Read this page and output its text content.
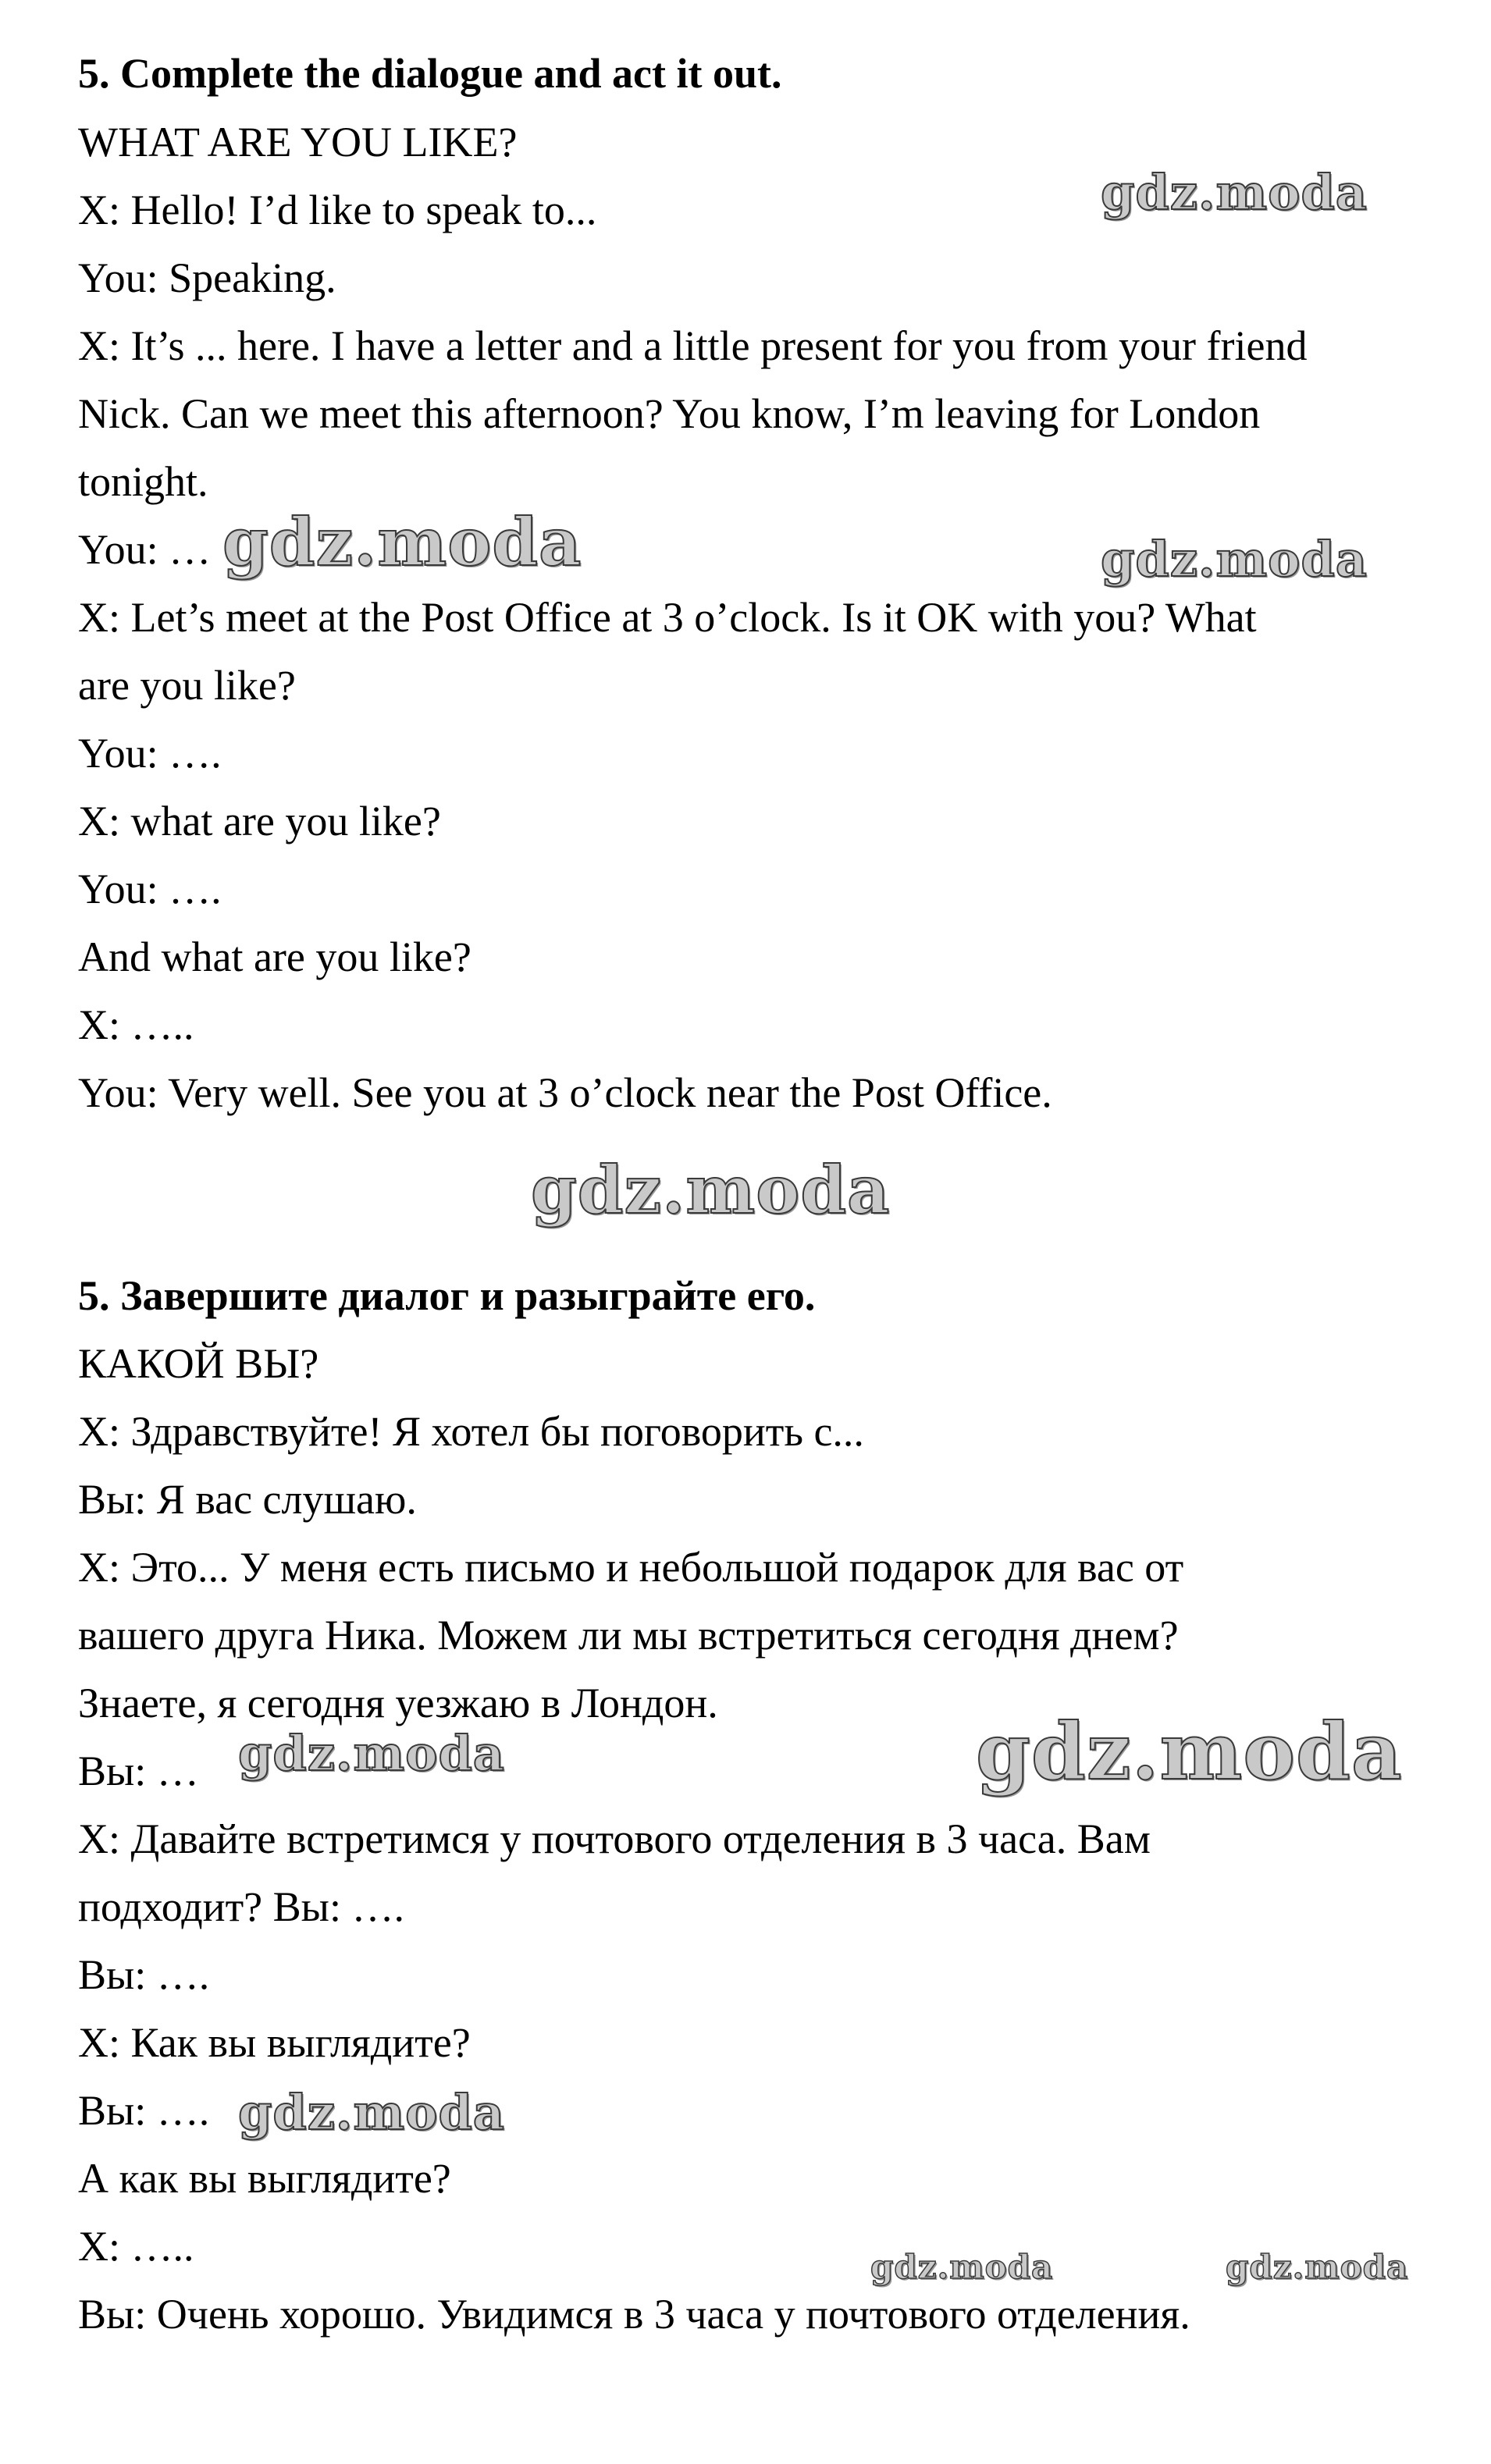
5. Complete the dialogue and act it out.
WHAT ARE YOU LIKE?
X: Hello! I’d like to speak to...
You: Speaking.
X: It’s ... here. I have a letter and a little present for you from your friend
Nick. Can we meet this afternoon? You know, I’m leaving for London
tonight.
You: …
X: Let’s meet at the Post Office at 3 o’clock. Is it OK with you? What
are you like?
You: ….
X: what are you like?
You: ….
And what are you like?
X: …..
You: Very well. See you at 3 o’clock near the Post Office.
5. Завершите диалог и разыграйте его.
КАКОЙ ВЫ?
X: Здравствуйте! Я хотел бы поговорить с...
Вы: Я вас слушаю.
X: Это... У меня есть письмо и небольшой подарок для вас от
вашего друга Ника. Можем ли мы встретиться сегодня днем?
Знаете, я сегодня уезжаю в Лондон.
Вы: …
X: Давайте встретимся у почтового отделения в 3 часа. Вам
подходит? Вы: ….
Вы: ….
X: Как вы выглядите?
Вы: ….
А как вы выглядите?
X: …..
Вы: Очень хорошо. Увидимся в 3 часа у почтового отделения.
gdz.moda
gdz.moda	gdz.moda
gdz.moda
gdz.moda	gdz.moda
gdz.moda
gdz.moda	gdz.moda
